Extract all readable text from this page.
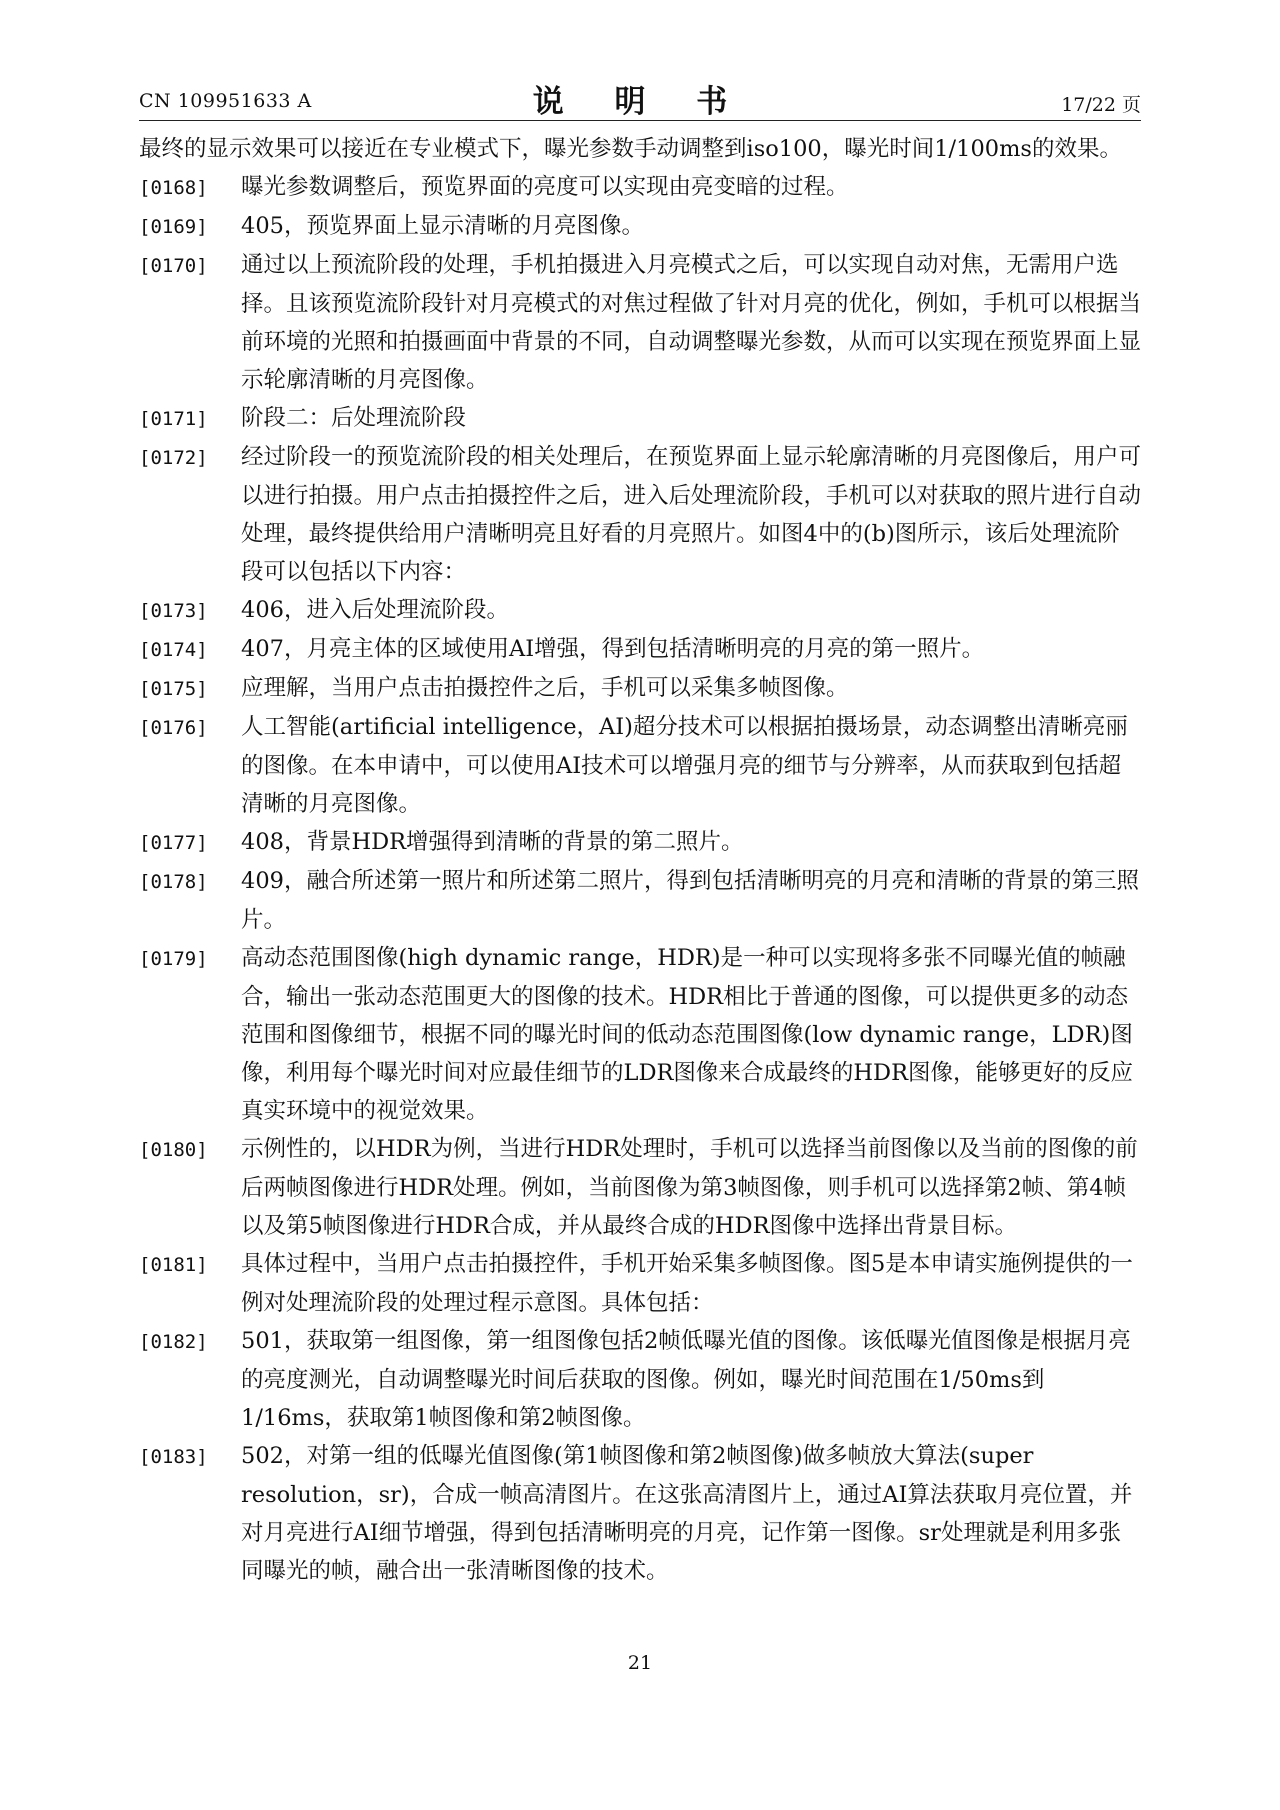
CN 109951633 A	说 明 书	17/22 页

最终的显示效果可以接近在专业模式下，曝光参数手动调整到iso100，曝光时间1/100ms的效果。

[0168] 曝光参数调整后，预览界面的亮度可以实现由亮变暗的过程。

[0169] 405，预览界面上显示清晰的月亮图像。

[0170] 通过以上预流阶段的处理，手机拍摄进入月亮模式之后，可以实现自动对焦，无需用户选择。且该预览流阶段针对月亮模式的对焦过程做了针对月亮的优化，例如，手机可以根据当前环境的光照和拍摄画面中背景的不同，自动调整曝光参数，从而可以实现在预览界面上显示轮廓清晰的月亮图像。

[0171] 阶段二：后处理流阶段

[0172] 经过阶段一的预览流阶段的相关处理后，在预览界面上显示轮廓清晰的月亮图像后，用户可以进行拍摄。用户点击拍摄控件之后，进入后处理流阶段，手机可以对获取的照片进行自动处理，最终提供给用户清晰明亮且好看的月亮照片。如图4中的(b)图所示，该后处理流阶段可以包括以下内容：

[0173] 406，进入后处理流阶段。

[0174] 407，月亮主体的区域使用AI增强，得到包括清晰明亮的月亮的第一照片。

[0175] 应理解，当用户点击拍摄控件之后，手机可以采集多帧图像。

[0176] 人工智能(artificial intelligence，AI)超分技术可以根据拍摄场景，动态调整出清晰亮丽的图像。在本申请中，可以使用AI技术可以增强月亮的细节与分辨率，从而获取到包括超清晰的月亮图像。

[0177] 408，背景HDR增强得到清晰的背景的第二照片。

[0178] 409，融合所述第一照片和所述第二照片，得到包括清晰明亮的月亮和清晰的背景的第三照片。

[0179] 高动态范围图像(high dynamic range，HDR)是一种可以实现将多张不同曝光值的帧融合，输出一张动态范围更大的图像的技术。HDR相比于普通的图像，可以提供更多的动态范围和图像细节，根据不同的曝光时间的低动态范围图像(low dynamic range，LDR)图像，利用每个曝光时间对应最佳细节的LDR图像来合成最终的HDR图像，能够更好的反应真实环境中的视觉效果。

[0180] 示例性的，以HDR为例，当进行HDR处理时，手机可以选择当前图像以及当前的图像的前后两帧图像进行HDR处理。例如，当前图像为第3帧图像，则手机可以选择第2帧、第4帧以及第5帧图像进行HDR合成，并从最终合成的HDR图像中选择出背景目标。

[0181] 具体过程中，当用户点击拍摄控件，手机开始采集多帧图像。图5是本申请实施例提供的一例对处理流阶段的处理过程示意图。具体包括：

[0182] 501，获取第一组图像，第一组图像包括2帧低曝光值的图像。该低曝光值图像是根据月亮的亮度测光，自动调整曝光时间后获取的图像。例如，曝光时间范围在1/50ms到1/16ms，获取第1帧图像和第2帧图像。

[0183] 502，对第一组的低曝光值图像(第1帧图像和第2帧图像)做多帧放大算法(super resolution，sr)，合成一帧高清图片。在这张高清图片上，通过AI算法获取月亮位置，并对月亮进行AI细节增强，得到包括清晰明亮的月亮，记作第一图像。sr处理就是利用多张同曝光的帧，融合出一张清晰图像的技术。

21
